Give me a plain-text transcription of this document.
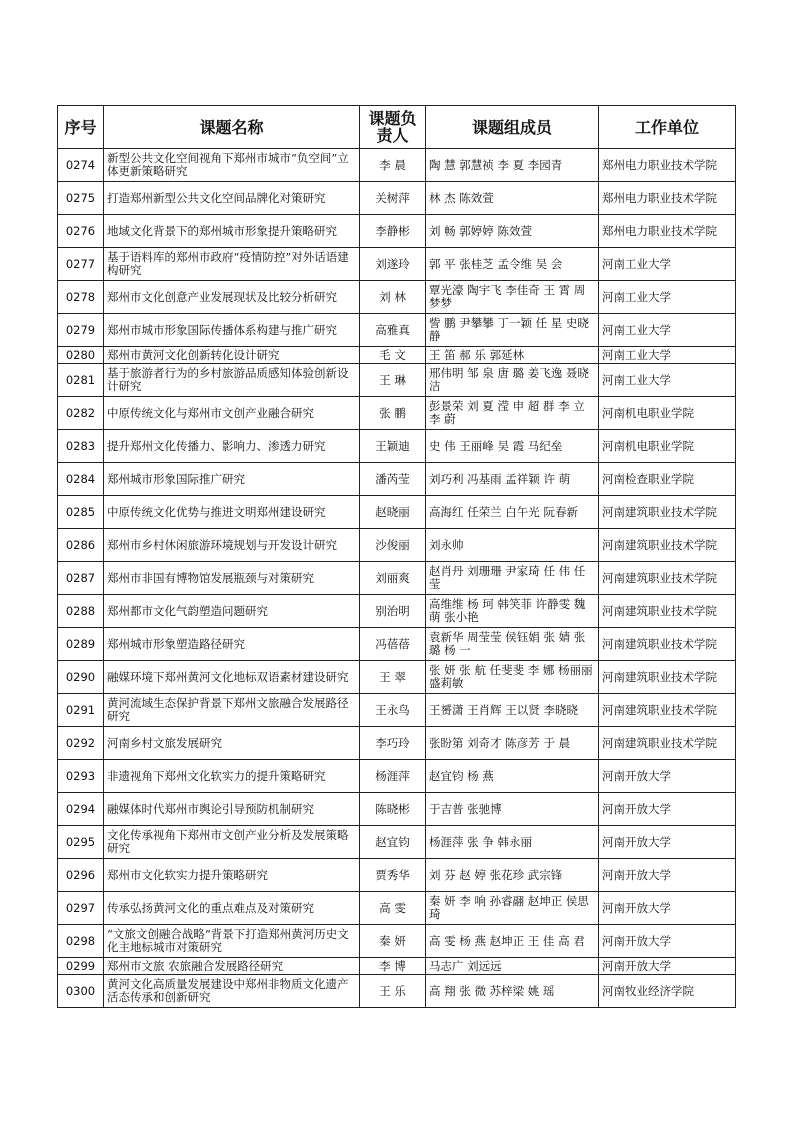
序号	课题名称	课题负责人	课题组成员	工作单位
0274	新型公共文化空间视角下郑州市城市“负空间”立体更新策略研究	李 晨	陶 慧 郭慧祯 李 夏 李园青	郑州电力职业技术学院
0275	打造郑州新型公共文化空间品牌化对策研究	关树萍	林 杰 陈效萱	郑州电力职业技术学院
0276	地域文化背景下的郑州城市形象提升策略研究	李静彬	刘 畅 郭婷婷 陈效萱	郑州电力职业技术学院
0277	基于语料库的郑州市政府“疫情防控”对外话语建构研究	刘遂玲	郭 平 张桂芝 孟令维 吴 会	河南工业大学
0278	郑州市文化创意产业发展现状及比较分析研究	刘 林	覃光濠 陶宇飞 李佳奇 王 霄 周梦梦	河南工业大学
0279	郑州市城市形象国际传播体系构建与推广研究	高雅真	訾 鹏 尹攀攀 丁一颖 任 星 史晓静	河南工业大学
0280	郑州市黄河文化创新转化设计研究	毛 文	王 笛 郝 乐 郭延林	河南工业大学
0281	基于旅游者行为的乡村旅游品质感知体验创新设计研究	王 琳	邢伟明 邹 泉 唐 璐 姜飞逸 聂晓洁	河南工业大学
0282	中原传统文化与郑州市文创产业融合研究	张 鹏	彭景荣 刘 夏 滢 申 超 群 李 立 李 蔚	河南机电职业学院
0283	提升郑州文化传播力、影响力、渗透力研究	王颖迪	史 伟 王丽峰 吴 霞 马纪垒	河南机电职业学院
0284	郑州城市形象国际推广研究	潘芮莹	刘巧利 冯基雨 孟祥颖 许 萌	河南检查职业学院
0285	中原传统文化优势与推进文明郑州建设研究	赵晓丽	高海红 任荣兰 白午光 阮春新	河南建筑职业技术学院
0286	郑州市乡村休闲旅游环境规划与开发设计研究	沙俊丽	刘永帅	河南建筑职业技术学院
0287	郑州市非国有博物馆发展瓶颈与对策研究	刘丽爽	赵肖丹 刘珊珊 尹家琦 任 伟 任 莹	河南建筑职业技术学院
0288	郑州都市文化气韵塑造问题研究	别治明	高维维 杨 珂 韩笑菲 许静雯 魏 萌 张小艳	河南建筑职业技术学院
0289	郑州城市形象塑造路径研究	冯蓓蓓	袁新华 周莹莹 侯钰娟 张 婧 张 璐 杨 一	河南建筑职业技术学院
0290	融媒环境下郑州黄河文化地标双语素材建设研究	王 翠	张 妍 张 航 任斐斐 李 娜 杨丽丽 盛莉敏	河南建筑职业技术学院
0291	黄河流域生态保护背景下郑州文旅融合发展路径研究	王永鸟	王赟潇 王肖辉 王以贤 李晓晓	河南建筑职业技术学院
0292	河南乡村文旅发展研究	李巧玲	张盼第 刘奇才 陈彦芳 于 晨	河南建筑职业技术学院
0293	非遗视角下郑州文化软实力的提升策略研究	杨涯萍	赵宜钧 杨 燕	河南开放大学
0294	融媒体时代郑州市舆论引导预防机制研究	陈晓彬	于吉普 张驰博	河南开放大学
0295	文化传承视角下郑州市文创产业分析及发展策略研究	赵宜钧	杨涯萍 张 争 韩永丽	河南开放大学
0296	郑州市文化软实力提升策略研究	贾秀华	刘 芬 赵 婷 张花珍 武宗锋	河南开放大学
0297	传承弘扬黄河文化的重点难点及对策研究	高 雯	秦 妍 李 响 孙睿翮 赵坤正 侯思琦	河南开放大学
0298	“文旅文创融合战略”背景下打造郑州黄河历史文化主地标城市对策研究	秦 妍	高 雯 杨 燕 赵坤正 王 佳 高 君	河南开放大学
0299	郑州市文旅 农旅融合发展路径研究	李 博	马志广 刘远远	河南开放大学
0300	黄河文化高质量发展建设中郑州非物质文化遗产活态传承和创新研究	王 乐	高 翔 张 微 苏梓梁 姚 瑶	河南牧业经济学院
